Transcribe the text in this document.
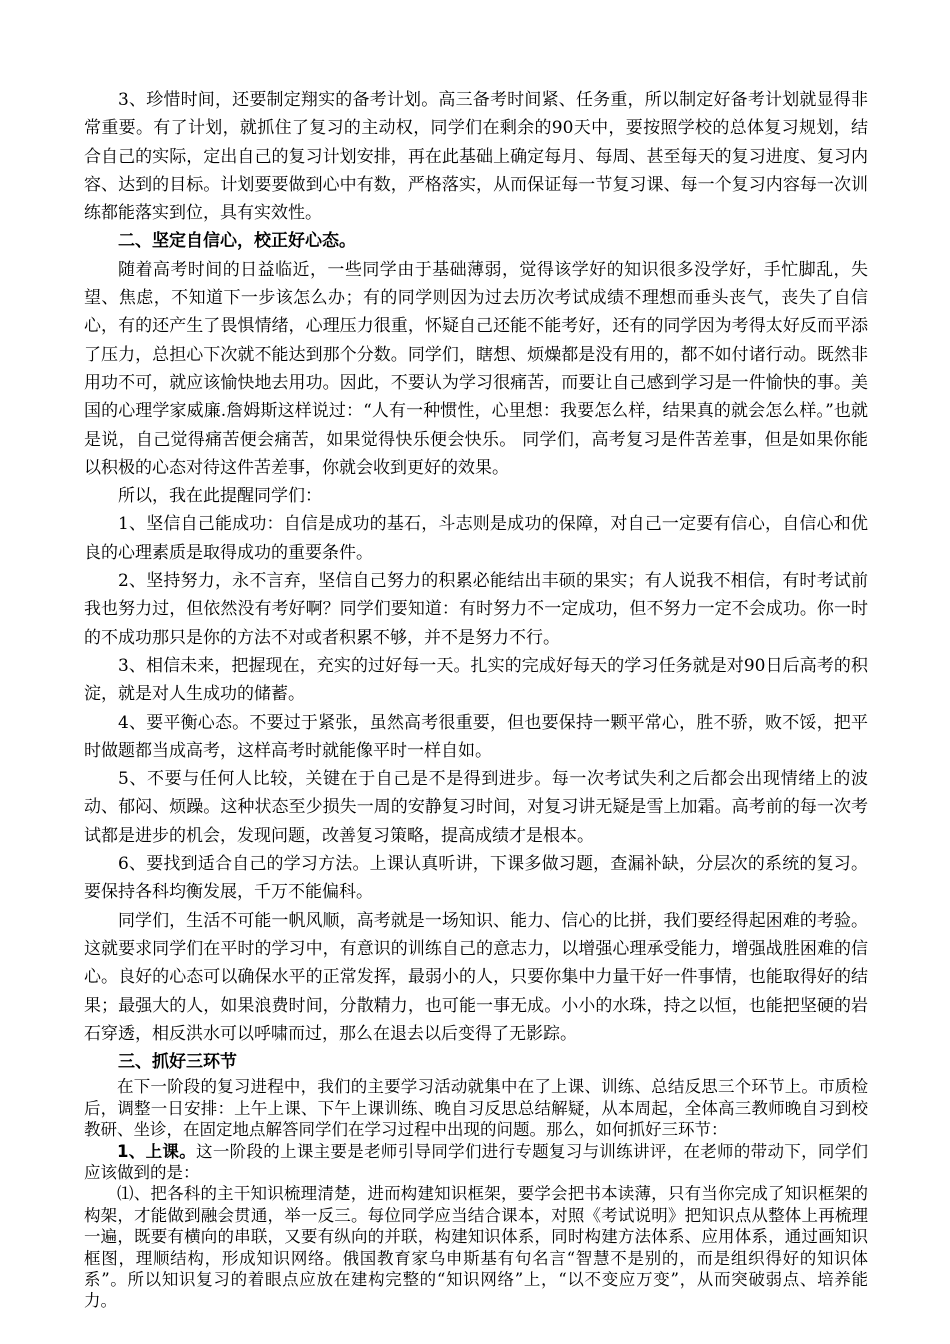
3、珍惜时间，还要制定翔实的备考计划。高三备考时间紧、任务重，所以制定好备考计划就显得非常重要。有了计划，就抓住了复习的主动权，同学们在剩余的90天中，要按照学校的总体复习规划，结合自己的实际，定出自己的复习计划安排，再在此基础上确定每月、每周、甚至每天的复习进度、复习内容、达到的目标。计划要要做到心中有数，严格落实，从而保证每一节复习课、每一个复习内容每一次训练都能落实到位，具有实效性。

二、坚定自信心，校正好心态。

随着高考时间的日益临近，一些同学由于基础薄弱，觉得该学好的知识很多没学好，手忙脚乱，失望、焦虑，不知道下一步该怎么办；有的同学则因为过去历次考试成绩不理想而垂头丧气，丧失了自信心，有的还产生了畏惧情绪，心理压力很重，怀疑自己还能不能考好，还有的同学因为考得太好反而平添了压力，总担心下次就不能达到那个分数。同学们，瞎想、烦燥都是没有用的，都不如付诸行动。既然非用功不可，就应该愉快地去用功。因此，不要认为学习很痛苦，而要让自己感到学习是一件愉快的事。美国的心理学家威廉.詹姆斯这样说过：“人有一种惯性，心里想：我要怎么样，结果真的就会怎么样。”也就是说，自己觉得痛苦便会痛苦，如果觉得快乐便会快乐。 同学们，高考复习是件苦差事，但是如果你能以积极的心态对待这件苦差事，你就会收到更好的效果。

所以，我在此提醒同学们：

1、坚信自己能成功：自信是成功的基石，斗志则是成功的保障，对自己一定要有信心，自信心和优良的心理素质是取得成功的重要条件。

2、坚持努力，永不言弃，坚信自己努力的积累必能结出丰硕的果实；有人说我不相信，有时考试前我也努力过，但依然没有考好啊？同学们要知道：有时努力不一定成功，但不努力一定不会成功。你一时的不成功那只是你的方法不对或者积累不够，并不是努力不行。

3、相信未来，把握现在，充实的过好每一天。扎实的完成好每天的学习任务就是对90日后高考的积淀，就是对人生成功的储蓄。

4、要平衡心态。不要过于紧张，虽然高考很重要，但也要保持一颗平常心，胜不骄，败不馁，把平时做题都当成高考，这样高考时就能像平时一样自如。

5、不要与任何人比较，关键在于自己是不是得到进步。每一次考试失利之后都会出现情绪上的波动、郁闷、烦躁。这种状态至少损失一周的安静复习时间，对复习讲无疑是雪上加霜。高考前的每一次考试都是进步的机会，发现问题，改善复习策略，提高成绩才是根本。

6、要找到适合自己的学习方法。上课认真听讲，下课多做习题，查漏补缺，分层次的系统的复习。要保持各科均衡发展，千万不能偏科。

同学们，生活不可能一帆风顺，高考就是一场知识、能力、信心的比拼，我们要经得起困难的考验。这就要求同学们在平时的学习中，有意识的训练自己的意志力，以增强心理承受能力，增强战胜困难的信心。良好的心态可以确保水平的正常发挥，最弱小的人，只要你集中力量干好一件事情，也能取得好的结果；最强大的人，如果浪费时间，分散精力，也可能一事无成。小小的水珠，持之以恒，也能把坚硬的岩石穿透，相反洪水可以呼啸而过，那么在退去以后变得了无影踪。

三、抓好三环节

在下一阶段的复习进程中，我们的主要学习活动就集中在了上课、训练、总结反思三个环节上。市质检后，调整一日安排：上午上课、下午上课训练、晚自习反思总结解疑，从本周起，全体高三教师晚自习到校教研、坐诊，在固定地点解答同学们在学习过程中出现的问题。那么，如何抓好三环节：

1、上课。这一阶段的上课主要是老师引导同学们进行专题复习与训练讲评，在老师的带动下，同学们应该做到的是：

⑴、把各科的主干知识梳理清楚，进而构建知识框架，要学会把书本读薄，只有当你完成了知识框架的构架，才能做到融会贯通，举一反三。每位同学应当结合课本，对照《考试说明》把知识点从整体上再梳理一遍，既要有横向的串联，又要有纵向的并联，构建知识体系，同时构建方法体系、应用体系，通过画知识框图，理顺结构，形成知识网络。俄国教育家乌申斯基有句名言“智慧不是别的，而是组织得好的知识体系”。所以知识复习的着眼点应放在建构完整的“知识网络”上，“以不变应万变”，从而突破弱点、培养能力。
